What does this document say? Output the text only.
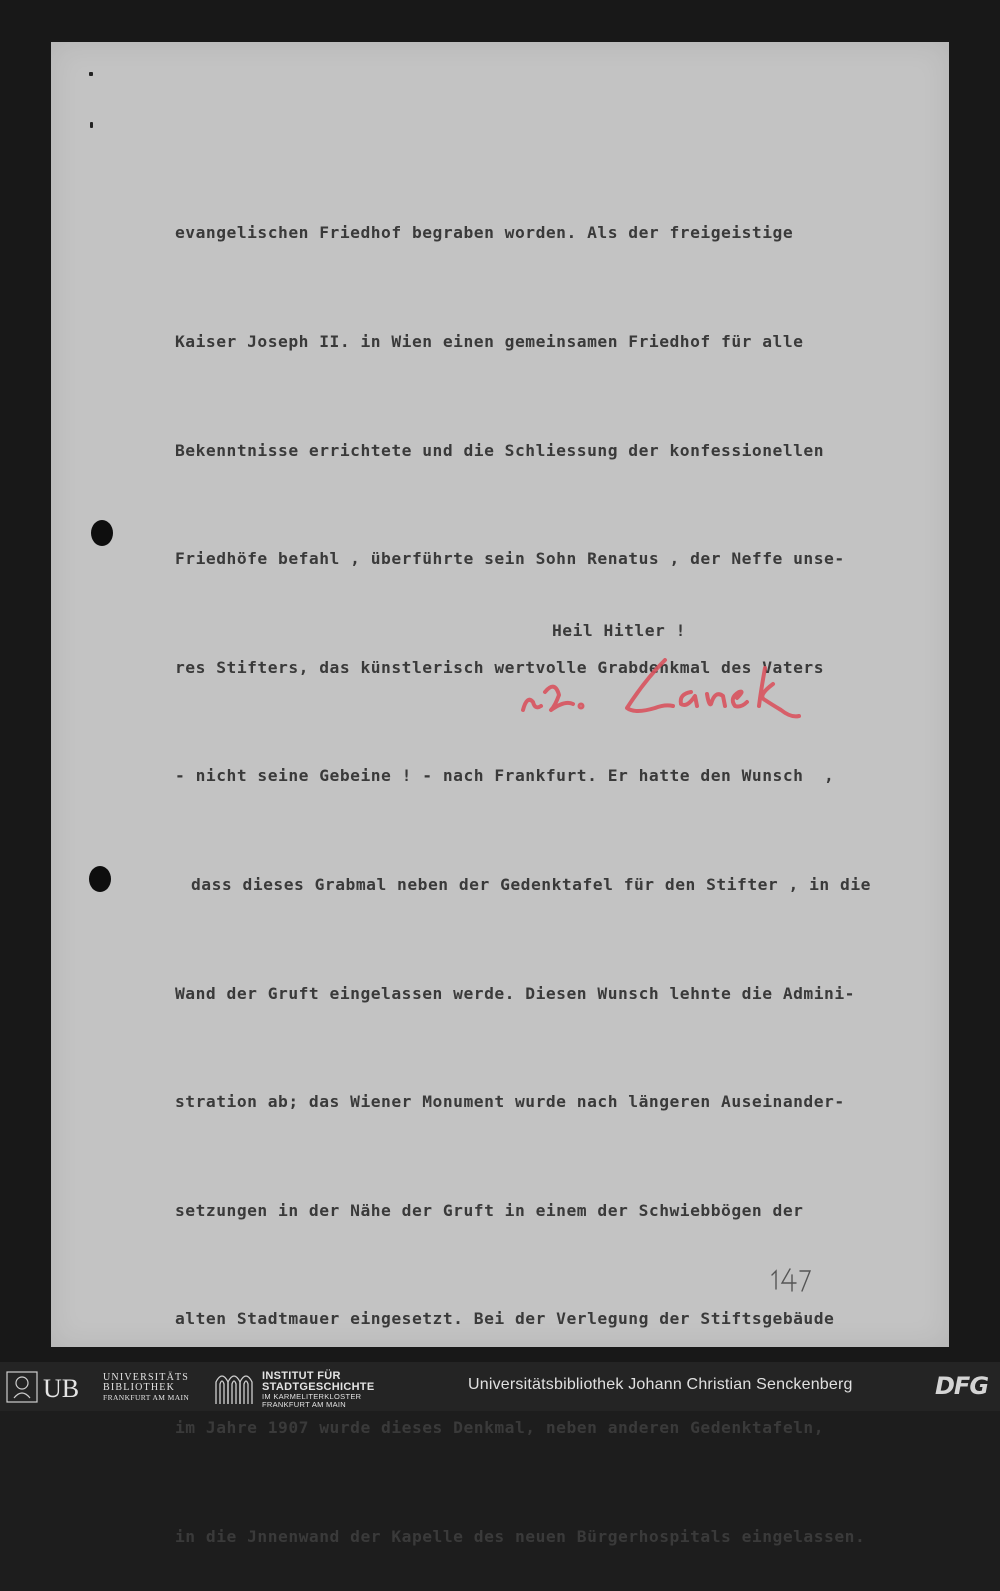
evangelischen Friedhof begraben worden. Als der freigeistige

Kaiser Joseph II. in Wien einen gemeinsamen Friedhof für alle

Bekenntnisse errichtete und die Schliessung der konfessionellen

Friedhöfe befahl , überführte sein Sohn Renatus , der Neffe unse-

res Stifters, das künstlerisch wertvolle Grabdenkmal des Vaters

- nicht seine Gebeine ! - nach Frankfurt. Er hatte den Wunsch  ,

dass dieses Grabmal neben der Gedenktafel für den Stifter , in die

Wand der Gruft eingelassen werde. Diesen Wunsch lehnte die Admini-

stration ab; das Wiener Monument wurde nach längeren Auseinander-

setzungen in der Nähe der Gruft in einem der Schwiebbögen der

alten Stadtmauer eingesetzt. Bei der Verlegung der Stiftsgebäude

im Jahre 1907 wurde dieses Denkmal, neben anderen Gedenktafeln,

in die Jnnenwand der Kapelle des neuen Bürgerhospitals eingelassen.

Heil Hitler !
UB UNIVERSITÄTS
BIBLIOTHEK
FRANKFURT AM MAIN
INSTITUT FÜR
STADTGESCHICHTE
IM KARMELITERKLOSTER
FRANKFURT AM MAIN
Universitätsbibliothek Johann Christian Senckenberg	DFG
